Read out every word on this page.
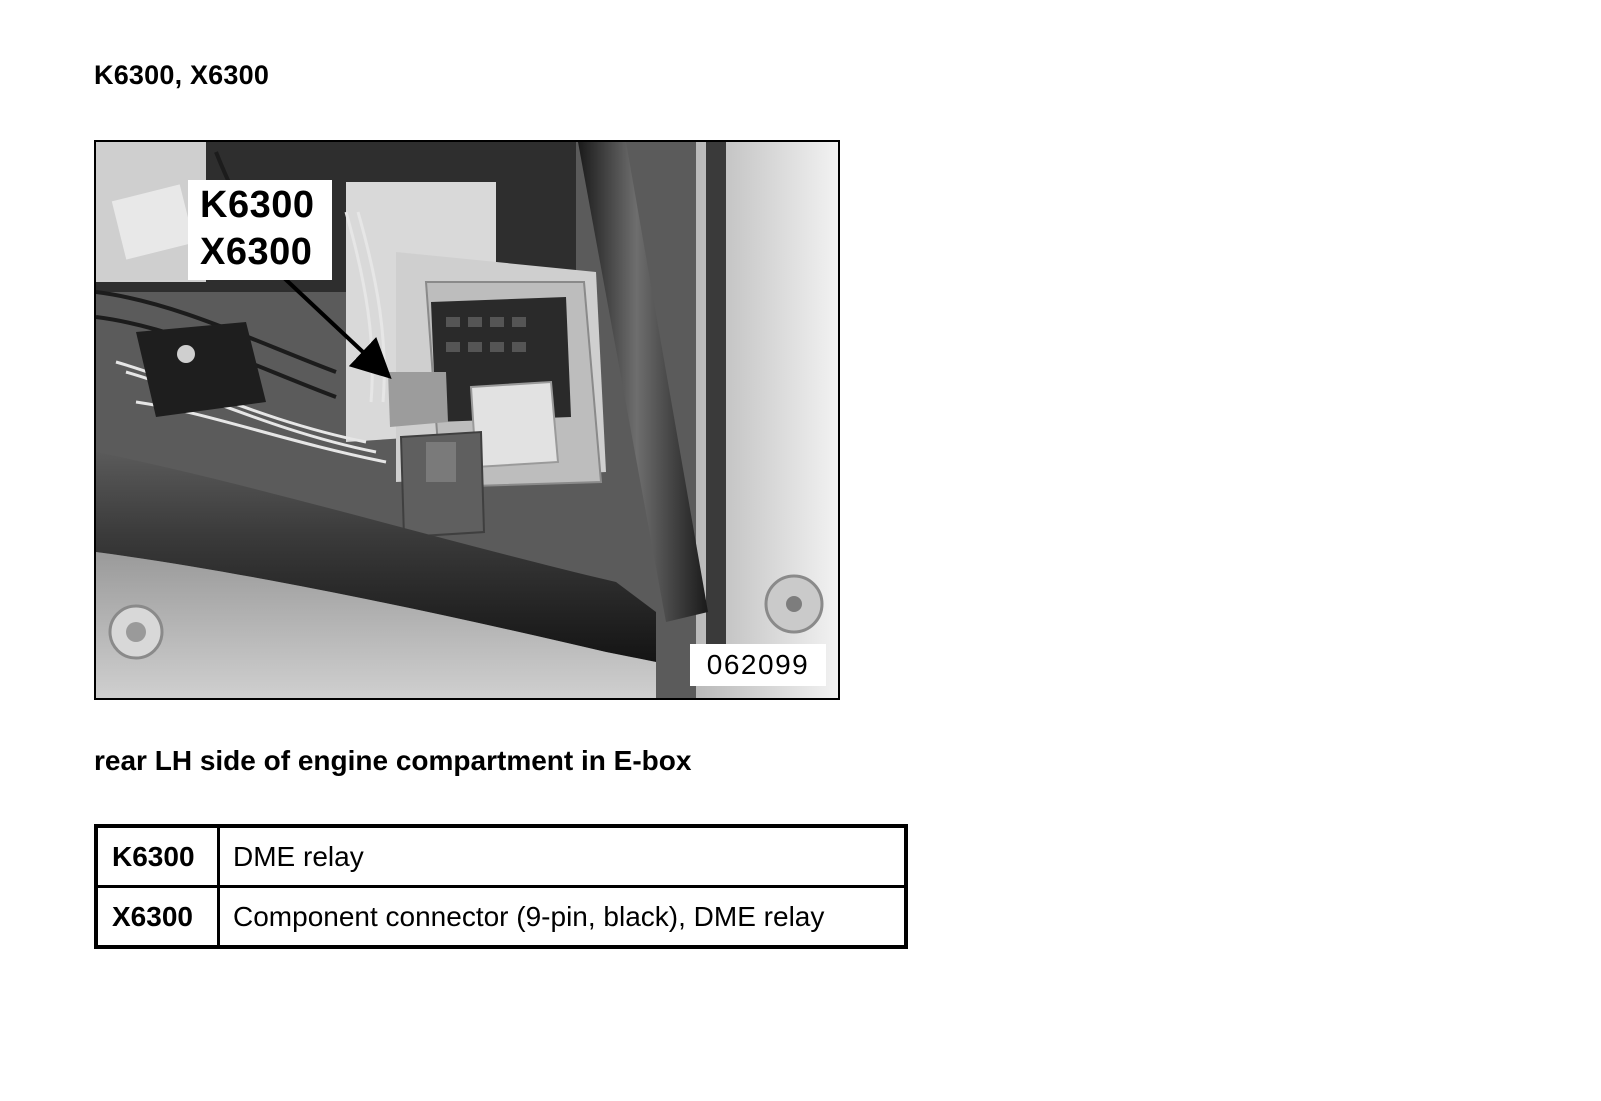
K6300, X6300
K6300
X6300
062099
rear LH side of engine compartment in E-box
K6300	DME relay
X6300	Component connector (9-pin, black), DME relay
